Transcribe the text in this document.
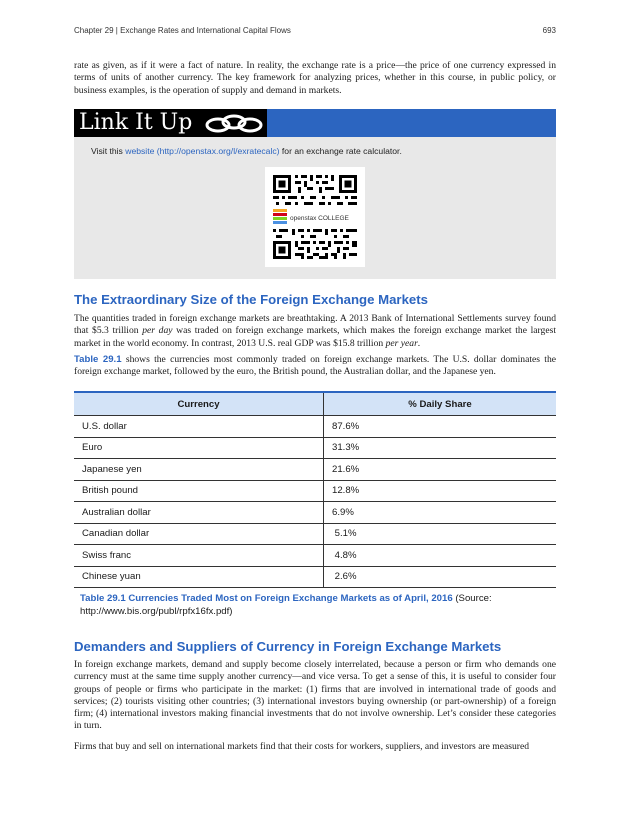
Chapter 29 | Exchange Rates and International Capital Flows	693

rate as given, as if it were a fact of nature. In reality, the exchange rate is a price—the price of one currency expressed in terms of units of another currency. The key framework for analyzing prices, whether in this course, in public policy, or business examples, is the operation of supply and demand in markets.

Link It Up
Visit this website (http://openstax.org/l/exratecalc) for an exchange rate calculator.
openstax COLLEGE
The Extraordinary Size of the Foreign Exchange Markets

The quantities traded in foreign exchange markets are breathtaking. A 2013 Bank of International Settlements survey found that $5.3 trillion per day was traded on foreign exchange markets, which makes the foreign exchange market the largest market in the world economy. In contrast, 2013 U.S. real GDP was $15.8 trillion per year.

Table 29.1 shows the currencies most commonly traded on foreign exchange markets. The U.S. dollar dominates the foreign exchange market, followed by the euro, the British pound, the Australian dollar, and the Japanese yen.

Currency	% Daily Share
U.S. dollar	87.6%
Euro	31.3%
Japanese yen	21.6%
British pound	12.8%
Australian dollar	6.9%
Canadian dollar	5.1%
Swiss franc	4.8%
Chinese yuan	2.6%
Table 29.1 Currencies Traded Most on Foreign Exchange Markets as of April, 2016 (Source: http://www.bis.org/publ/rpfx16fx.pdf)
Demanders and Suppliers of Currency in Foreign Exchange Markets

In foreign exchange markets, demand and supply become closely interrelated, because a person or firm who demands one currency must at the same time supply another currency—and vice versa. To get a sense of this, it is useful to consider four groups of people or firms who participate in the market: (1) firms that are involved in international trade of goods and services; (2) tourists visiting other countries; (3) international investors buying ownership (or part-ownership) of a foreign firm; (4) international investors making financial investments that do not involve ownership. Let’s consider these categories in turn.

Firms that buy and sell on international markets find that their costs for workers, suppliers, and investors are measured
